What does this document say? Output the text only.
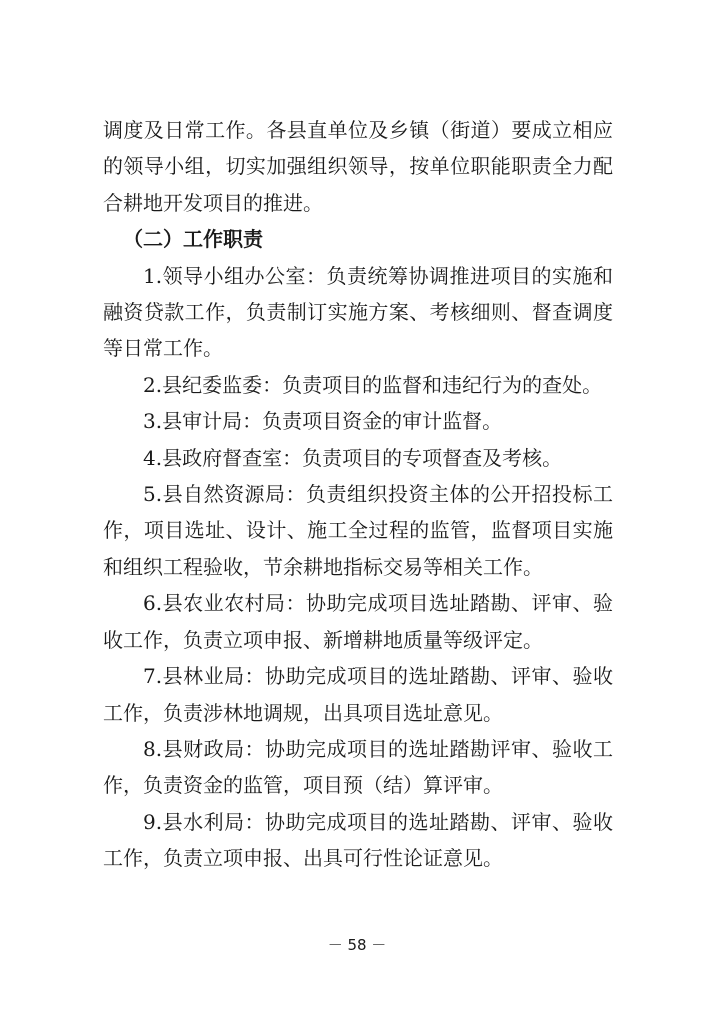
调度及日常工作。各县直单位及乡镇（街道）要成立相应的领导小组，切实加强组织领导，按单位职能职责全力配合耕地开发项目的推进。

（二）工作职责

1.领导小组办公室：负责统筹协调推进项目的实施和融资贷款工作，负责制订实施方案、考核细则、督查调度等日常工作。

2.县纪委监委：负责项目的监督和违纪行为的查处。

3.县审计局：负责项目资金的审计监督。

4.县政府督查室：负责项目的专项督查及考核。

5.县自然资源局：负责组织投资主体的公开招投标工作，项目选址、设计、施工全过程的监管，监督项目实施和组织工程验收，节余耕地指标交易等相关工作。

6.县农业农村局：协助完成项目选址踏勘、评审、验收工作，负责立项申报、新增耕地质量等级评定。

7.县林业局：协助完成项目的选址踏勘、评审、验收工作，负责涉林地调规，出具项目选址意见。

8.县财政局：协助完成项目的选址踏勘评审、验收工作，负责资金的监管，项目预（结）算评审。

9.县水利局：协助完成项目的选址踏勘、评审、验收工作，负责立项申报、出具可行性论证意见。

－ 58 －
